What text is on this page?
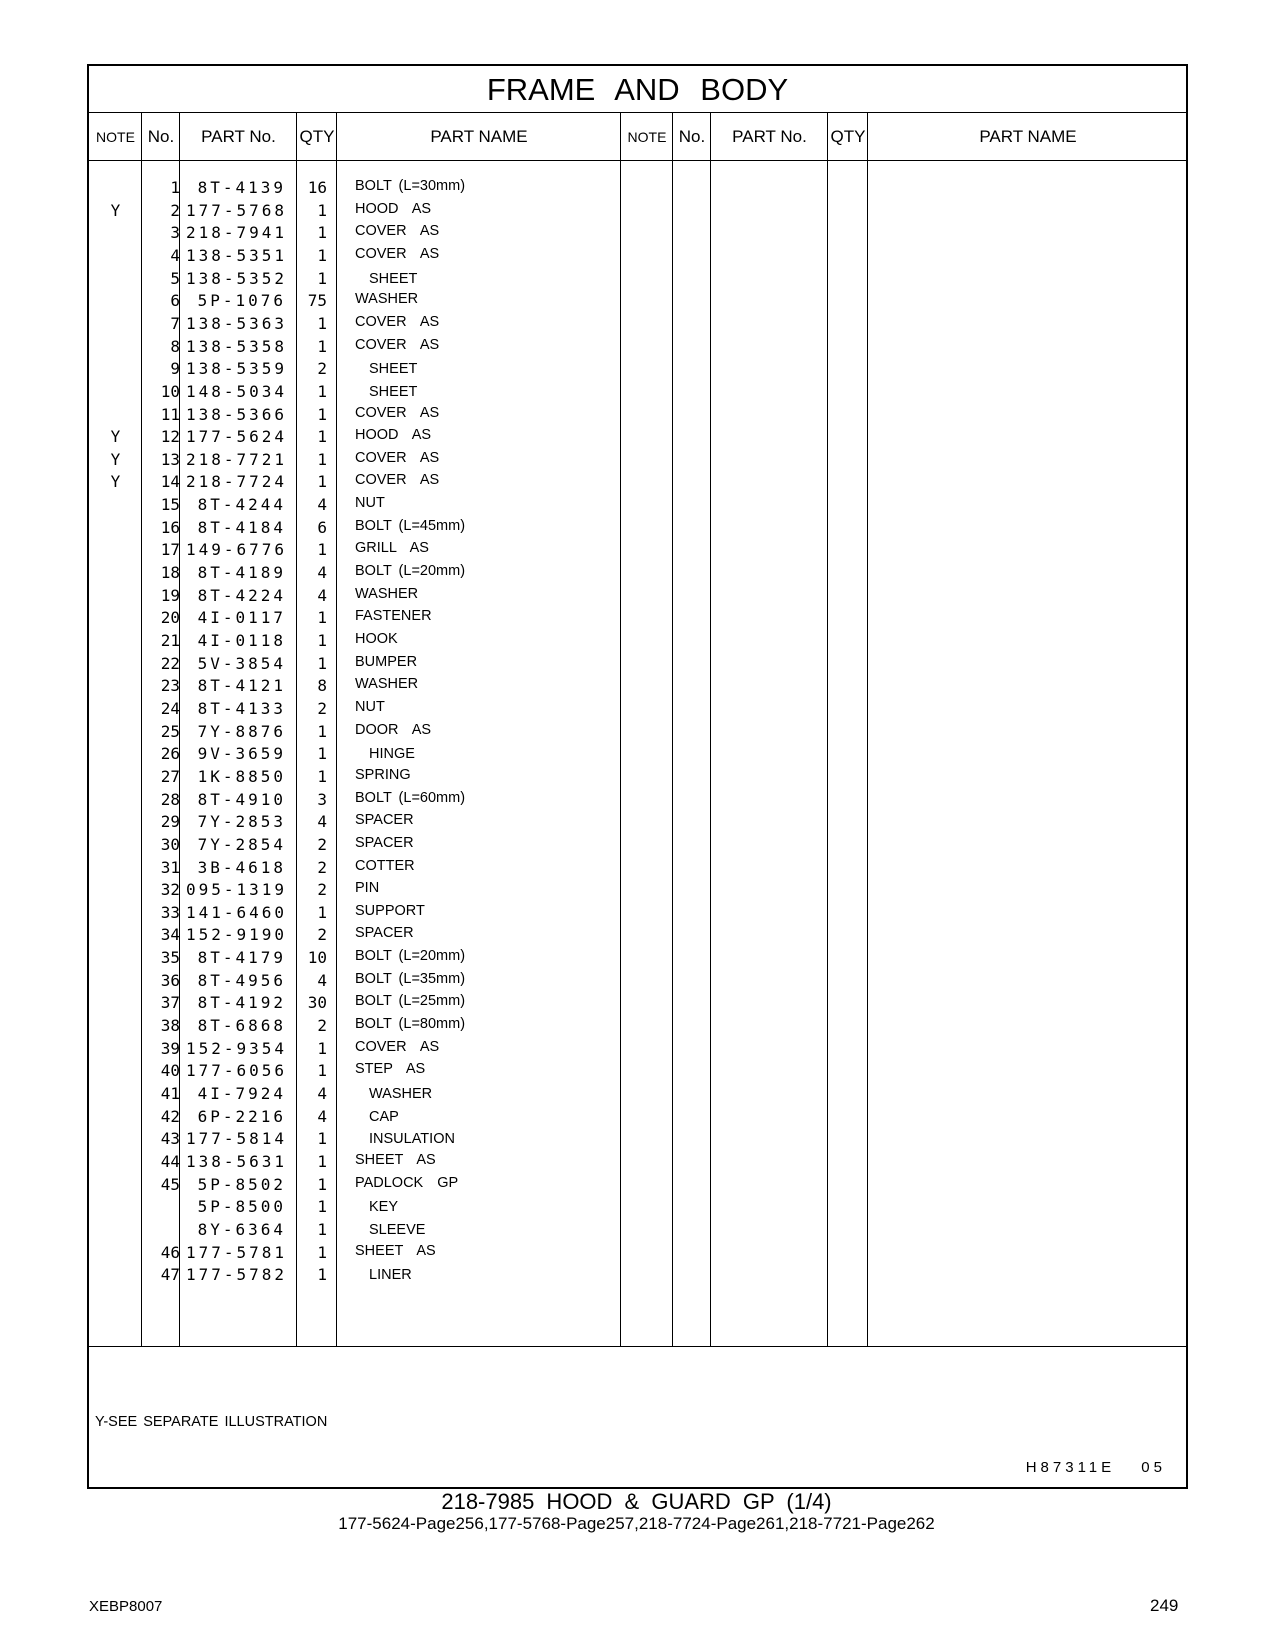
FRAME AND BODY
NOTE No.	PART No.	QTY	PART NAME	NOTE No.	PART No.	QTY	PART NAME
1	8T-4139	16 BOLT (L=30mm)
Y	2 177-5768	1 HOOD  AS
3 218-7941	1 COVER  AS
4 138-5351	1 COVER  AS
5 138-5352	1	SHEET
6	5P-1076	75 WASHER
7 138-5363	1 COVER  AS
8 138-5358	1 COVER  AS
9 138-5359	2	SHEET
10 148-5034	1	SHEET
11 138-5366	1 COVER  AS
Y	12 177-5624	1 HOOD  AS
Y	13 218-7721	1 COVER  AS
Y	14 218-7724	1 COVER  AS
15	8T-4244	4 NUT
16	8T-4184	6 BOLT (L=45mm)
17 149-6776	1 GRILL  AS
18	8T-4189	4 BOLT (L=20mm)
19	8T-4224	4 WASHER
20	4I-0117	1 FASTENER
21	4I-0118	1 HOOK
22	5V-3854	1 BUMPER
23	8T-4121	8 WASHER
24	8T-4133	2 NUT
25	7Y-8876	1 DOOR  AS
26	9V-3659	1	HINGE
27	1K-8850	1 SPRING
28	8T-4910	3 BOLT (L=60mm)
29	7Y-2853	4 SPACER
30	7Y-2854	2 SPACER
31	3B-4618	2 COTTER
32 095-1319	2 PIN
33 141-6460	1 SUPPORT
34 152-9190	2 SPACER
35	8T-4179	10 BOLT (L=20mm)
36	8T-4956	4 BOLT (L=35mm)
37	8T-4192	30 BOLT (L=25mm)
38	8T-6868	2 BOLT (L=80mm)
39 152-9354	1 COVER  AS
40 177-6056	1 STEP  AS
41	4I-7924	4	WASHER
42	6P-2216	4	CAP
43 177-5814	1	INSULATION
44 138-5631	1 SHEET  AS
45	5P-8502	1 PADLOCK  GP
5P-8500	1	KEY
8Y-6364	1	SLEEVE
46 177-5781	1 SHEET  AS
47 177-5782	1	LINER
Y-SEE SEPARATE ILLUSTRATION
H87311E 05
218-7985 HOOD & GUARD GP (1/4)
177-5624-Page256,177-5768-Page257,218-7724-Page261,218-7721-Page262
XEBP8007	249
